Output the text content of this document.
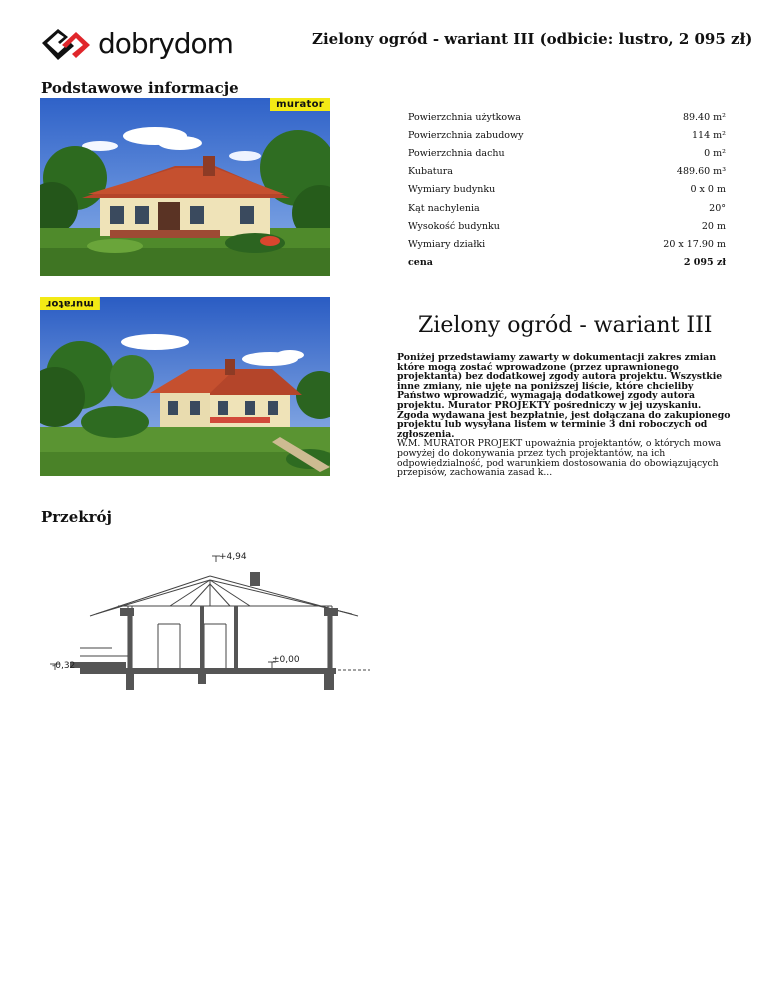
dobrydom	Zielony ogród - wariant III (odbicie: lustro, 2 095 zł)
Podstawowe informacje
murator
Powierzchnia użytkowa	89.40 m²
Powierzchnia zabudowy	114 m²
Powierzchnia dachu	0 m²
Kubatura	489.60 m³
Wymiary budynku	0 x 0 m
Kąt nachylenia	20°
Wysokość budynku	20 m
Wymiary działki	20 x 17.90 m
cena	2 095 zł
murator
Zielony ogród - wariant III
Poniżej przedstawiamy zawarty w dokumentacji zakres zmian które mogą zostać wprowadzone (przez uprawnionego projektanta) bez dodatkowej zgody autora projektu. Wszystkie inne zmiany, nie ujęte na poniższej liście, które chcieliby Państwo wprowadzić, wymagają dodatkowej zgody autora projektu. Murator PROJEKTY pośredniczy w jej uzyskaniu.
Zgoda wydawana jest bezpłatnie, jest dołączana do zakupionego projektu lub wysyłana listem w terminie 3 dni roboczych od zgłoszenia.
W.M. MURATOR PROJEKT upoważnia projektantów, o których mowa powyżej do dokonywania przez tych projektantów, na ich odpowiedzialność, pod warunkiem dostosowania do obowiązujących przepisów, zachowania zasad k...
Przekrój
+4,94
±0,00
-0,32
